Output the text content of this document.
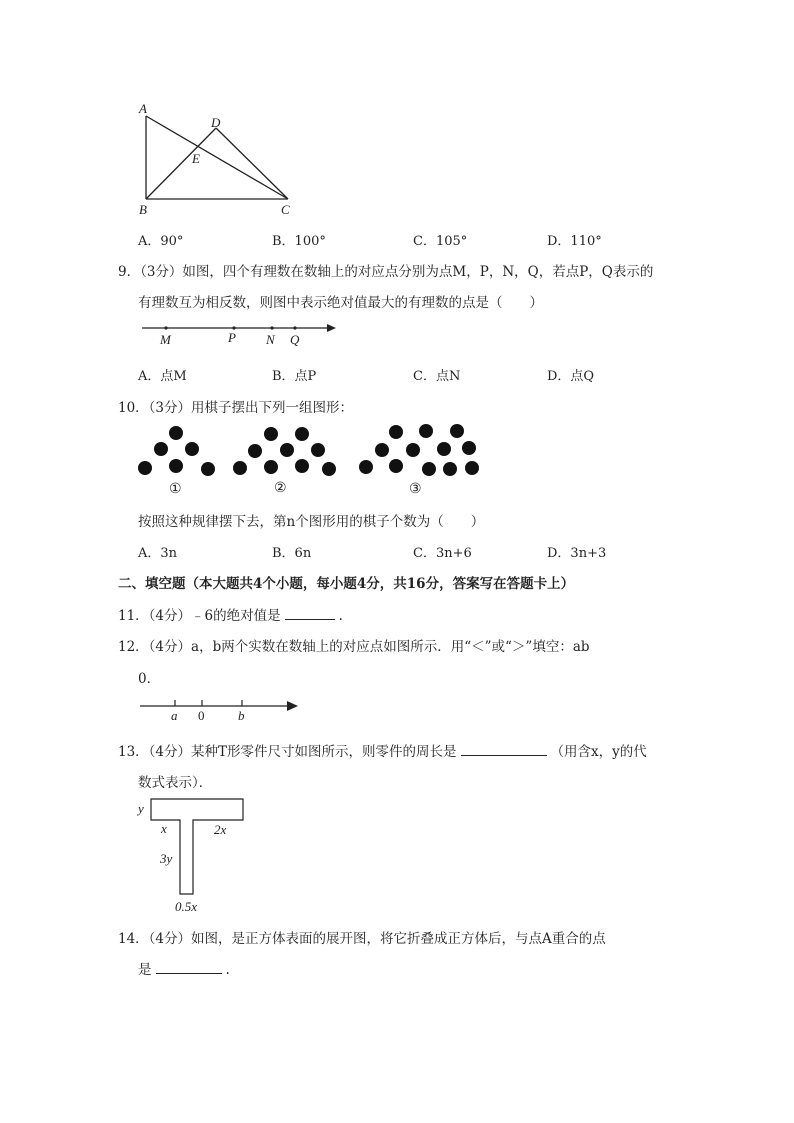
A
D
E
B	C
A．90°	B．100°	C．105°	D．110°
9．（3分）如图，四个有理数在数轴上的对应点分别为点M，P，N，Q，若点P，Q表示的
有理数互为相反数，则图中表示绝对值最大的有理数的点是（　　）
M	P N Q
A．点M	B．点P	C．点N	D．点Q
10．（3分）用棋子摆出下列一组图形：
①	②	③
按照这种规律摆下去，第n个图形用的棋子个数为（　　）
A．3n	B．6n	C．3n+6	D．3n+3
二、填空题（本大题共4个小题，每小题4分，共16分，答案写在答题卡上）
11．（4分）﹣6的绝对值是	.
12．（4分）a，b两个实数在数轴上的对应点如图所示．用“＜”或“＞”填空：ab
0．
a 0	b
13．（4分）某种T形零件尺寸如图所示，则零件的周长是	（用含x，y的代
数式表示）．
y
x	2x
3y
0.5x
14．（4分）如图，是正方体表面的展开图，将它折叠成正方体后，与点A重合的点
是	.
